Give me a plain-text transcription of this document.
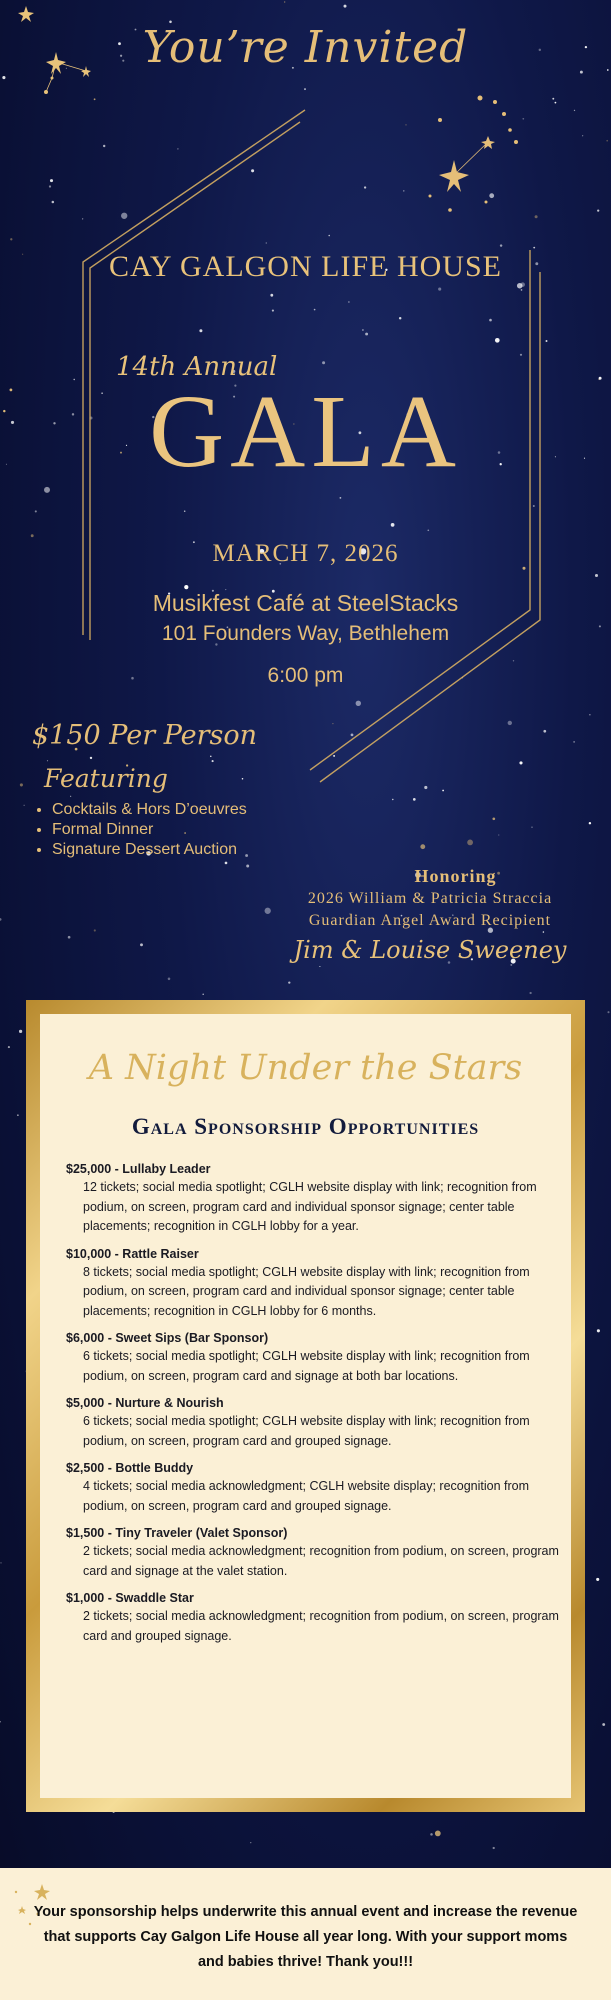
You’re Invited
CAY GALGON LIFE HOUSE
14th Annual
GALA
MARCH 7, 2026
Musikfest Café at SteelStacks
101 Founders Way, Bethlehem
6:00 pm
$150 Per Person
Featuring
• Cocktails & Hors D’oeuvres
• Formal Dinner
• Signature Dessert Auction
Honoring
2026 William & Patricia Straccia
Guardian Angel Award Recipient
Jim & Louise Sweeney
A Night Under the Stars
Gala Sponsorship Opportunities
$25,000 - Lullaby Leader
12 tickets; social media spotlight; CGLH website display with link; recognition from podium, on screen, program card and individual sponsor signage; center table placements; recognition in CGLH lobby for a year.
$10,000 - Rattle Raiser
8 tickets; social media spotlight; CGLH website display with link; recognition from podium, on screen, program card and individual sponsor signage; center table placements; recognition in CGLH lobby for 6 months.
$6,000 - Sweet Sips (Bar Sponsor)
6 tickets; social media spotlight; CGLH website display with link; recognition from podium, on screen, program card and signage at both bar locations.
$5,000 - Nurture & Nourish
6 tickets; social media spotlight; CGLH website display with link; recognition from podium, on screen, program card and grouped signage.
$2,500 - Bottle Buddy
4 tickets; social media acknowledgment; CGLH website display; recognition from podium, on screen, program card and grouped signage.
$1,500 - Tiny Traveler (Valet Sponsor)
2 tickets; social media acknowledgment; recognition from podium, on screen, program card and signage at the valet station.
$1,000 - Swaddle Star
2 tickets; social media acknowledgment; recognition from podium, on screen, program card and grouped signage.
Your sponsorship helps underwrite this annual event and increase the revenue that supports Cay Galgon Life House all year long. With your support moms and babies thrive! Thank you!!!
